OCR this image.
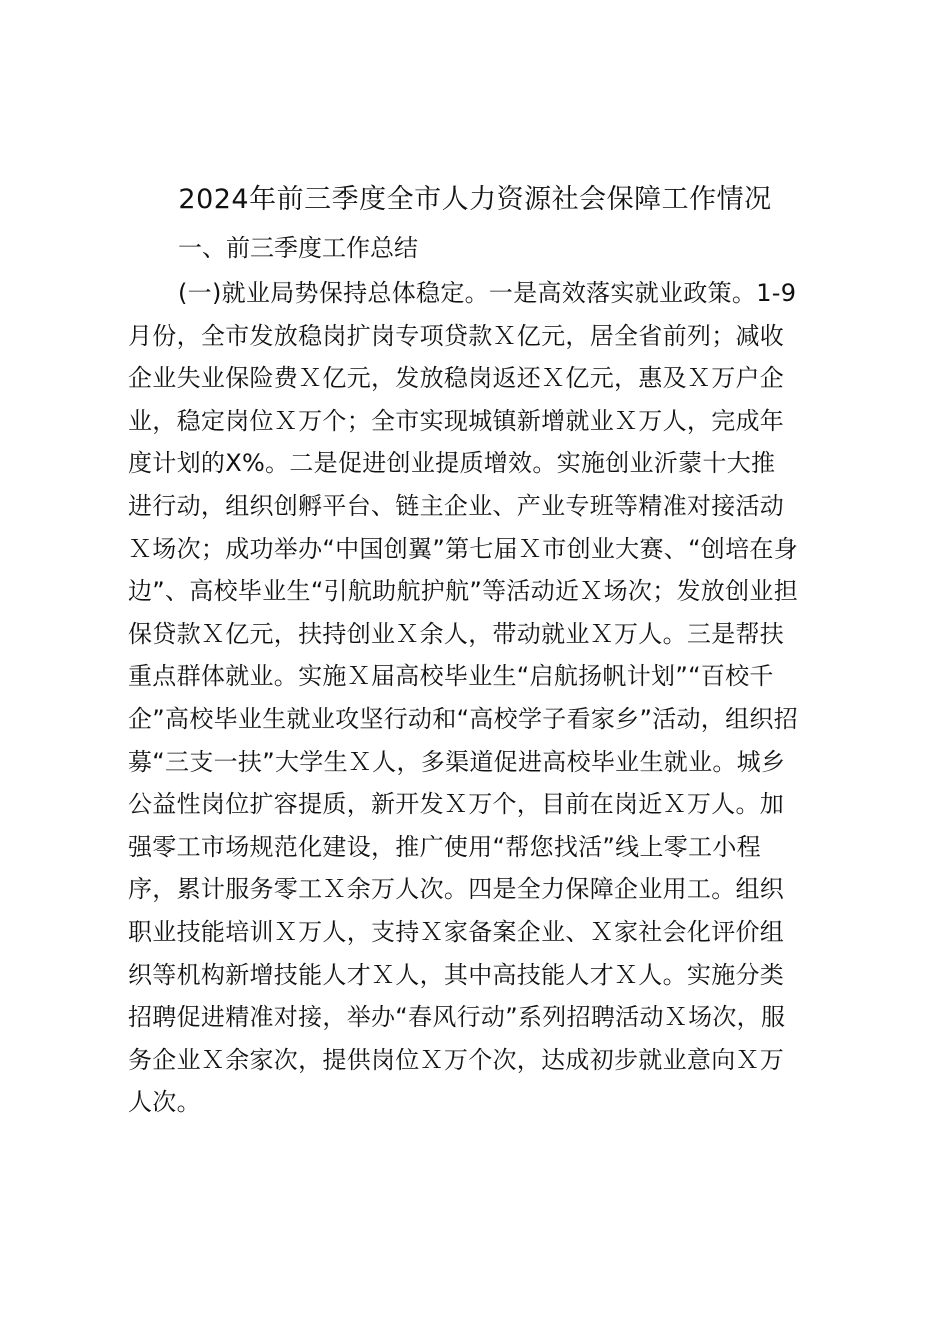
2024年前三季度全市人力资源社会保障工作情况
一、前三季度工作总结
(一)就业局势保持总体稳定。一是高效落实就业政策。1-9
月份，全市发放稳岗扩岗专项贷款Ｘ亿元，居全省前列；减收
企业失业保险费Ｘ亿元，发放稳岗返还Ｘ亿元，惠及Ｘ万户企
业，稳定岗位Ｘ万个；全市实现城镇新增就业Ｘ万人，完成年
度计划的X%。二是促进创业提质增效。实施创业沂蒙十大推
进行动，组织创孵平台、链主企业、产业专班等精准对接活动
Ｘ场次；成功举办“中国创翼”第七届Ｘ市创业大赛、“创培在身
边”、高校毕业生“引航助航护航”等活动近Ｘ场次；发放创业担
保贷款Ｘ亿元，扶持创业Ｘ余人，带动就业Ｘ万人。三是帮扶
重点群体就业。实施Ｘ届高校毕业生“启航扬帆计划”“百校千
企”高校毕业生就业攻坚行动和“高校学子看家乡”活动，组织招
募“三支一扶”大学生Ｘ人，多渠道促进高校毕业生就业。城乡
公益性岗位扩容提质，新开发Ｘ万个，目前在岗近Ｘ万人。加
强零工市场规范化建设，推广使用“帮您找活”线上零工小程
序，累计服务零工Ｘ余万人次。四是全力保障企业用工。组织
职业技能培训Ｘ万人，支持Ｘ家备案企业、Ｘ家社会化评价组
织等机构新增技能人才Ｘ人，其中高技能人才Ｘ人。实施分类
招聘促进精准对接，举办“春风行动”系列招聘活动Ｘ场次，服
务企业Ｘ余家次，提供岗位Ｘ万个次，达成初步就业意向Ｘ万
人次。
